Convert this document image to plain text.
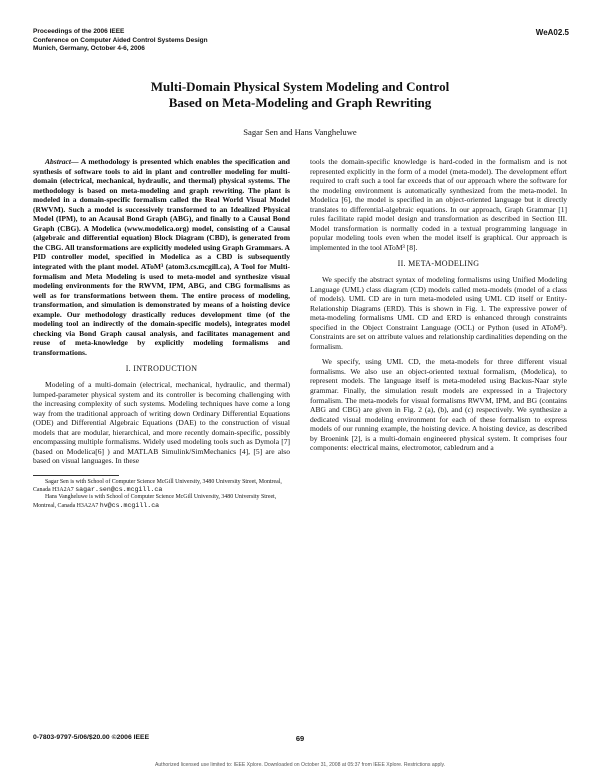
Proceedings of the 2006 IEEE
Conference on Computer Aided Control Systems Design
Munich, Germany, October 4-6, 2006
WeA02.5
Multi-Domain Physical System Modeling and Control
Based on Meta-Modeling and Graph Rewriting
Sagar Sen and Hans Vangheluwe

Abstract— A methodology is presented which enables the specification and synthesis of software tools to aid in plant and controller modeling for multi-domain (electrical, mechanical, hydraulic, and thermal) physical systems. The methodology is based on meta-modeling and graph rewriting. The plant is modeled in a domain-specific formalism called the Real World Visual Model (RWVM). Such a model is successively transformed to an Idealized Physical Model (IPM), to an Acausal Bond Graph (ABG), and finally to a Causal Bond Graph (CBG). A Modelica (www.modelica.org) model, consisting of a Causal (algebraic and differential equation) Block Diagram (CBD), is generated from the CBG. All transformations are explicitly modeled using Graph Grammars. A PID controller model, specified in Modelica as a CBD is subsequently integrated with the plant model. AToM³ (atom3.cs.mcgill.ca), A Tool for Multi-formalism and Meta Modeling is used to meta-model and synthesize visual modeling environments for the RWVM, IPM, ABG, and CBG formalisms as well as for transformations between them. The entire process of modeling, transformation, and simulation is demonstrated by means of a hoisting device example. Our methodology drastically reduces development time (of the modeling tool an indirectly of the domain-specific models), integrates model checking via Bond Graph causal analysis, and facilitates management and reuse of meta-knowledge by explicitly modeling formalisms and transformations.

I. INTRODUCTION

Modeling of a multi-domain (electrical, mechanical, hydraulic, and thermal) lumped-parameter physical system and its controller is becoming challenging with the increasing complexity of such systems. Modeling techniques have come a long way from the traditional approach of writing down Ordinary Differential Equations (ODE) and Differential Algebraic Equations (DAE) to the construction of visual models that are modular, hierarchical, and more recently domain-specific, possibly encompassing multiple formalisms. Widely used modeling tools such as Dymola [7](based on Modelica[6] ) and MATLAB Simulink/SimMechanics [4], [5] are also based on visual languages. In these

Sagar Sen is with School of Computer Science McGill University, 3480 University Street, Montreal, Canada H3A2A7 sagar.sen@cs.mcgill.ca

Hans Vangheluwe is with School of Computer Science McGill University, 3480 University Street, Montreal, Canada H3A2A7 hv@cs.mcgill.ca

tools the domain-specific knowledge is hard-coded in the formalism and is not represented explicitly in the form of a model (meta-model). The development effort required to craft such a tool far exceeds that of our approach where the software for the modeling environment is automatically synthesized from the meta-model. In Modelica [6], the model is specified in an object-oriented language but it directly translates to differential-algebraic equations. In our approach, Graph Grammar [1] rules facilitate rapid model design and transformation as described in Section III. Model transformation is normally coded in a textual programming language in popular modeling tools even when the model itself is graphical. Our approach is implemented in the tool AToM³ [8].

II. META-MODELING

We specify the abstract syntax of modeling formalisms using Unified Modeling Language (UML) class diagram (CD) models called meta-models (model of a class of models). UML CD are in turn meta-modeled using UML CD itself or Entity-Relationship Diagrams (ERD). This is shown in Fig. 1. The expressive power of meta-modeling formalisms UML CD and ERD is enhanced through constraints specified in the Object Constraint Language (OCL) or Python (used in AToM³). Constraints are set on attribute values and relationship cardinalities depending on the formalism.

We specify, using UML CD, the meta-models for three different visual formalisms. We also use an object-oriented textual formalism, (Modelica), to represent models. The language itself is meta-modeled using Backus-Naar style grammar. Finally, the simulation result models are expressed in a Trajectory formalism. The meta-models for visual formalisms RWVM, IPM, and BG (contains ABG and CBG) are given in Fig. 2 (a), (b), and (c) respectively. We synthesize a dedicated visual modeling environment for each of these formalism to express models of our running example, the hoisting device. A hoisting device, as described by Broenink [2], is a multi-domain engineered physical system. It comprises four components: electrical mains, electromotor, cabledrum and a

0-7803-9797-5/06/$20.00 ©2006 IEEE	69
Authorized licensed use limited to: IEEE Xplore. Downloaded on October 31, 2008 at 05:37 from IEEE Xplore. Restrictions apply.
